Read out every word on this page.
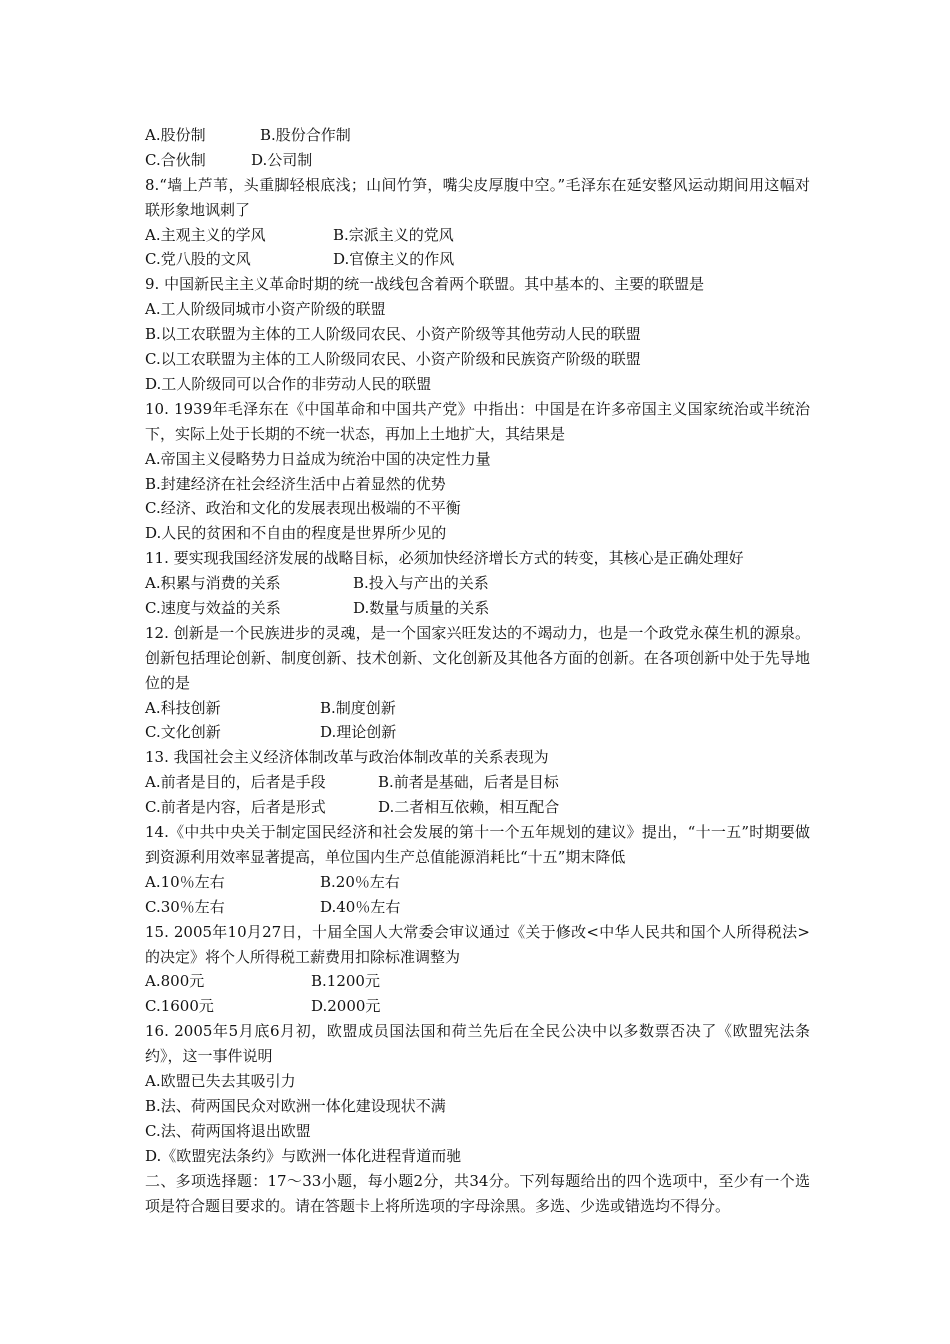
A.股份制	B.股份合作制
C.合伙制	D.公司制
8.“墙上芦苇，头重脚轻根底浅；山间竹笋，嘴尖皮厚腹中空。”毛泽东在延安整风运动期间用这幅对联形象地讽刺了
A.主观主义的学风	B.宗派主义的党风
C.党八股的文风	D.官僚主义的作风
9. 中国新民主主义革命时期的统一战线包含着两个联盟。其中基本的、主要的联盟是
A.工人阶级同城市小资产阶级的联盟
B.以工农联盟为主体的工人阶级同农民、小资产阶级等其他劳动人民的联盟
C.以工农联盟为主体的工人阶级同农民、小资产阶级和民族资产阶级的联盟
D.工人阶级同可以合作的非劳动人民的联盟
10. 1939年毛泽东在《中国革命和中国共产党》中指出：中国是在许多帝国主义国家统治或半统治下，实际上处于长期的不统一状态，再加上土地扩大，其结果是
A.帝国主义侵略势力日益成为统治中国的决定性力量
B.封建经济在社会经济生活中占着显然的优势
C.经济、政治和文化的发展表现出极端的不平衡
D.人民的贫困和不自由的程度是世界所少见的
11. 要实现我国经济发展的战略目标，必须加快经济增长方式的转变，其核心是正确处理好
A.积累与消费的关系	B.投入与产出的关系
C.速度与效益的关系	D.数量与质量的关系
12. 创新是一个民族进步的灵魂，是一个国家兴旺发达的不竭动力，也是一个政党永葆生机的源泉。创新包括理论创新、制度创新、技术创新、文化创新及其他各方面的创新。在各项创新中处于先导地位的是
A.科技创新	B.制度创新
C.文化创新	D.理论创新
13. 我国社会主义经济体制改革与政治体制改革的关系表现为
A.前者是目的，后者是手段	B.前者是基础，后者是目标
C.前者是内容，后者是形式	D.二者相互依赖，相互配合
14.《中共中央关于制定国民经济和社会发展的第十一个五年规划的建议》提出，“十一五”时期要做到资源利用效率显著提高，单位国内生产总值能源消耗比“十五”期末降低
A.10％左右	B.20％左右
C.30％左右	D.40％左右
15. 2005年10月27日，十届全国人大常委会审议通过《关于修改<中华人民共和国个人所得税法>的决定》将个人所得税工薪费用扣除标准调整为
A.800元	B.1200元
C.1600元	D.2000元
16. 2005年5月底6月初，欧盟成员国法国和荷兰先后在全民公决中以多数票否决了《欧盟宪法条约》，这一事件说明
A.欧盟已失去其吸引力
B.法、荷两国民众对欧洲一体化建设现状不满
C.法、荷两国将退出欧盟
D.《欧盟宪法条约》与欧洲一体化进程背道而驰
二、多项选择题：17～33小题，每小题2分，共34分。下列每题给出的四个选项中，至少有一个选项是符合题目要求的。请在答题卡上将所选项的字母涂黑。多选、少选或错选均不得分。
